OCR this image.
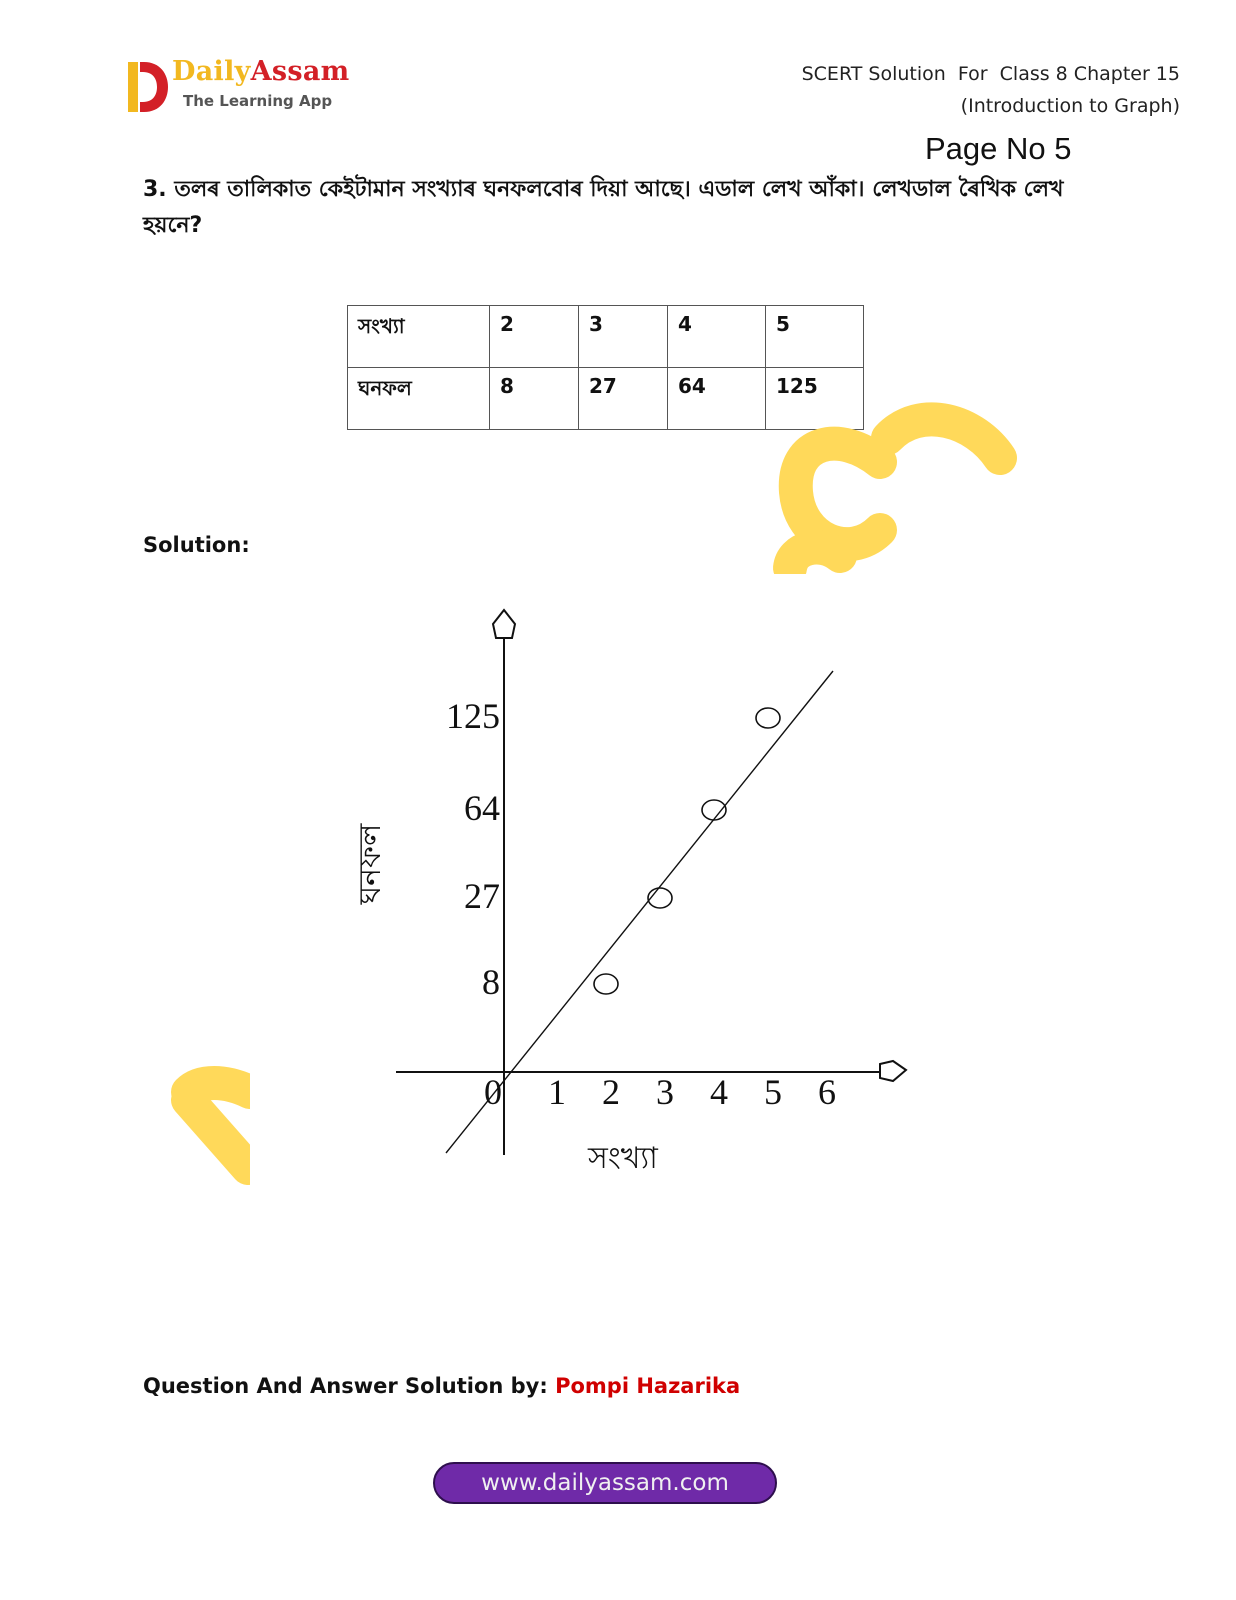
DailyAssam
The Learning App
SCERT Solution  For  Class 8 Chapter 15
(Introduction to Graph)
Page No 5
3. তলৰ তালিকাত কেইটামান সংখ্যাৰ ঘনফলবোৰ দিয়া আছে। এডাল লেখ আঁকা। লেখডাল ৰৈখিক লেখ হয়নে?
সংখ্যা	2	3	4	5
ঘনফল	8	27	64	125
Solution:
0 1 2 3 4 5 6
8
27
64
125
সংখ্যা
ঘনফল
Question And Answer Solution by: Pompi Hazarika
www.dailyassam.com
